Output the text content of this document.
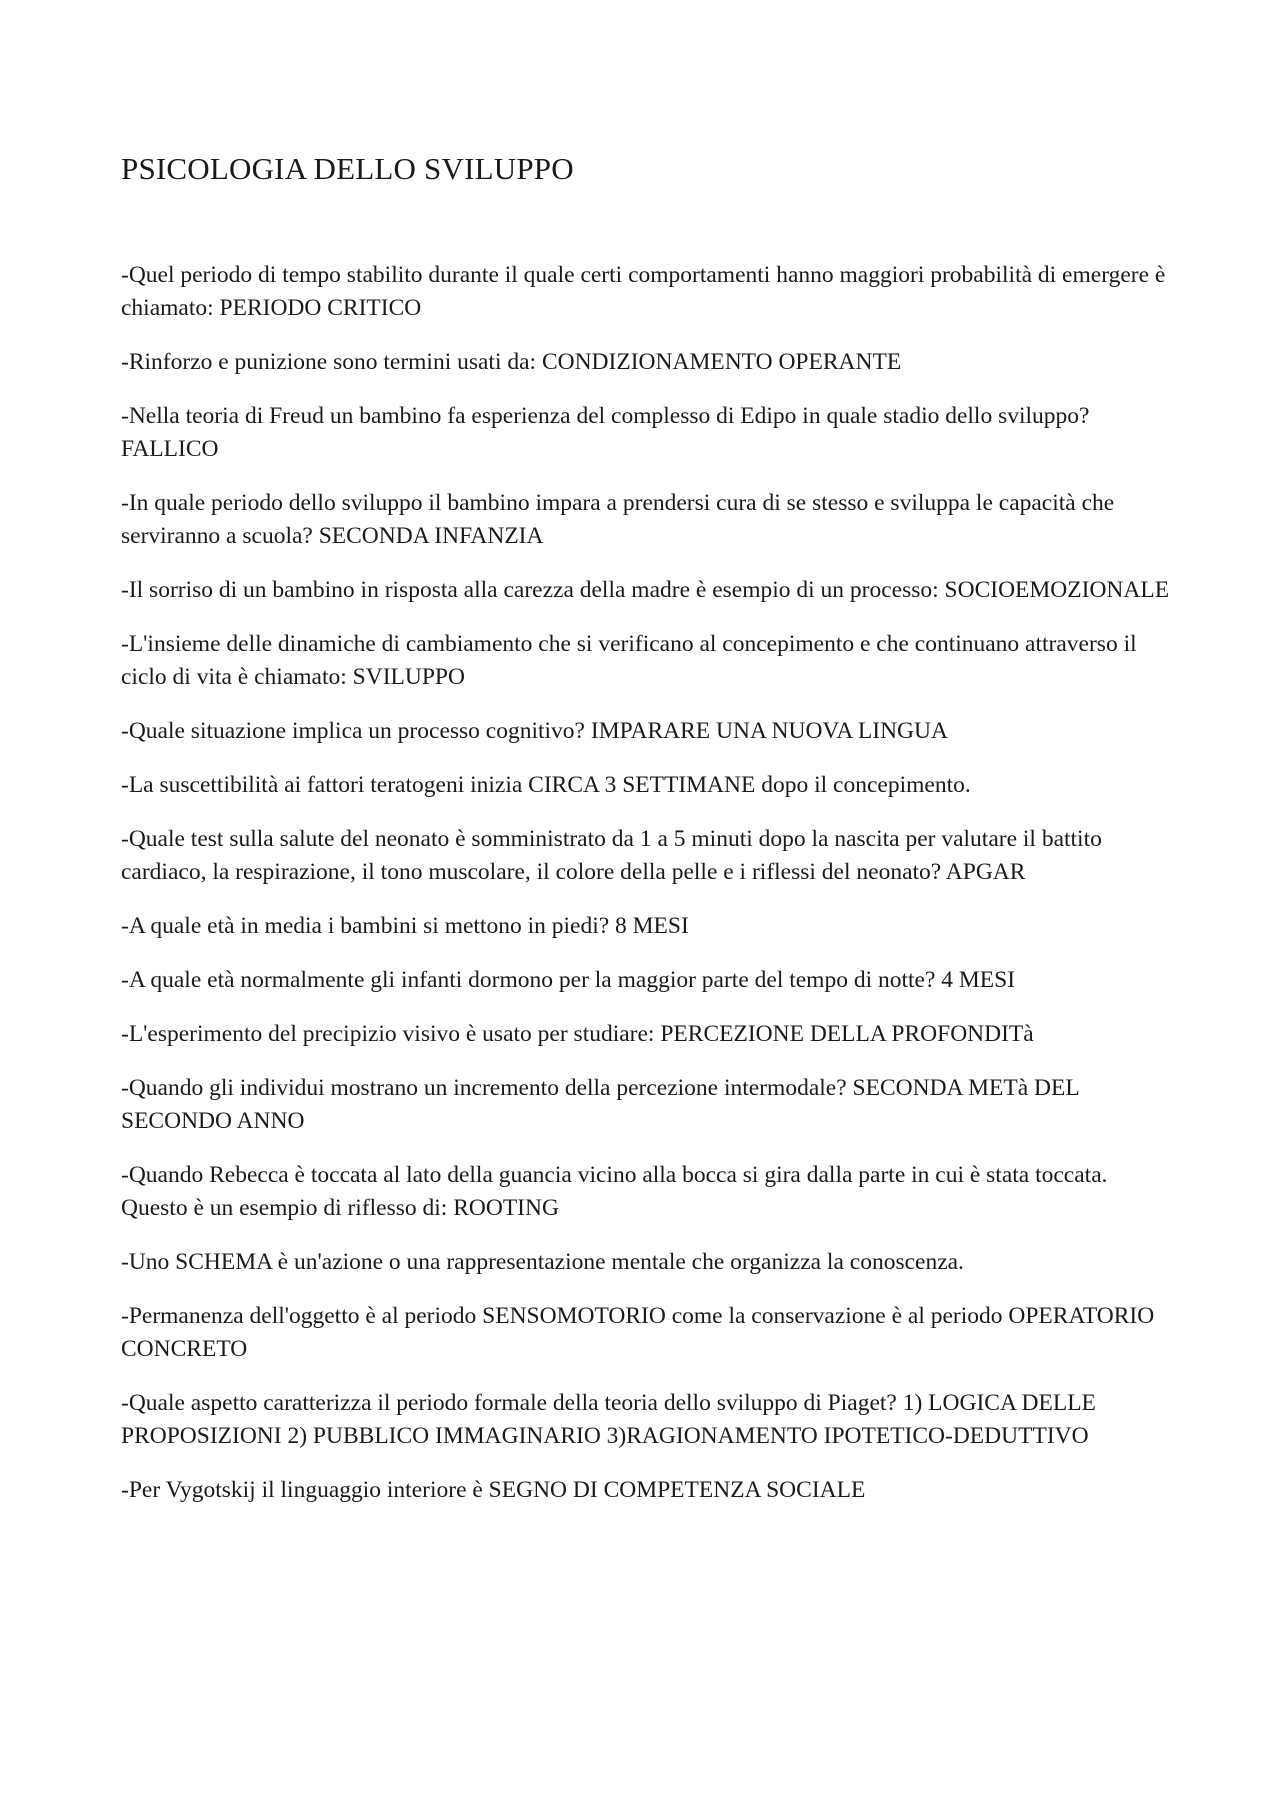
PSICOLOGIA DELLO SVILUPPO
-Quel periodo di tempo stabilito durante il quale certi comportamenti hanno maggiori probabilità di emergere è chiamato: PERIODO CRITICO
-Rinforzo e punizione sono termini usati da: CONDIZIONAMENTO OPERANTE
-Nella teoria di Freud un bambino fa esperienza del complesso di Edipo in quale stadio dello sviluppo? FALLICO
-In quale periodo dello sviluppo il bambino impara a prendersi cura di se stesso e sviluppa le capacità che serviranno a scuola? SECONDA INFANZIA
-Il sorriso di un bambino in risposta alla carezza della madre è esempio di un processo: SOCIOEMOZIONALE
-L'insieme delle dinamiche di cambiamento che si verificano al concepimento e che continuano attraverso il ciclo di vita è chiamato: SVILUPPO
-Quale situazione implica un processo cognitivo? IMPARARE UNA NUOVA LINGUA
-La suscettibilità ai fattori teratogeni inizia CIRCA 3 SETTIMANE dopo il concepimento.
-Quale test sulla salute del neonato è somministrato da 1 a 5 minuti dopo la nascita per valutare il battito cardiaco, la respirazione, il tono muscolare, il colore della pelle e i riflessi del neonato? APGAR
-A quale età in media i bambini si mettono in piedi? 8 MESI
-A quale età normalmente gli infanti dormono per la maggior parte del tempo di notte? 4 MESI
-L'esperimento del precipizio visivo è usato per studiare: PERCEZIONE DELLA PROFONDITà
-Quando gli individui mostrano un incremento della percezione intermodale? SECONDA METà DEL SECONDO ANNO
-Quando Rebecca è toccata al lato della guancia vicino alla bocca si gira dalla parte in cui è stata toccata. Questo è un esempio di riflesso di: ROOTING
-Uno SCHEMA è un'azione o una rappresentazione mentale che organizza la conoscenza.
-Permanenza dell'oggetto è al periodo SENSOMOTORIO come la conservazione è al periodo OPERATORIO CONCRETO
-Quale aspetto caratterizza il periodo formale della teoria dello sviluppo di Piaget? 1) LOGICA DELLE PROPOSIZIONI 2) PUBBLICO IMMAGINARIO 3)RAGIONAMENTO IPOTETICO-DEDUTTIVO
-Per Vygotskij il linguaggio interiore è SEGNO DI COMPETENZA SOCIALE
